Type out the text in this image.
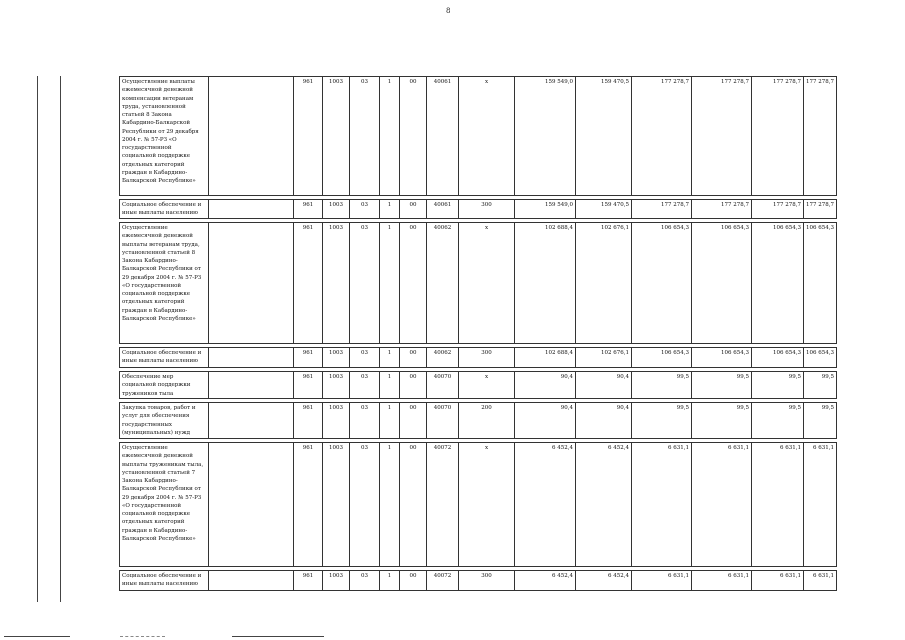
8
Осуществление выплаты ежемесячной денежной компенсации ветеранам труда, установленной статьей 8 Закона Кабардино-Балкарской Республики от 29 декабря 2004 г. № 57-РЗ «О государственной социальной поддержке отдельных категорий граждан в Кабардино-Балкарской Республике»		961	1003	03	1	00	40061	x	159 549,0	159 470,5	177 278,7	177 278,7	177 278,7	177 278,7

Социальное обеспечение и иные выплаты населению		961	1003	03	1	00	40061	300	159 549,0	159 470,5	177 278,7	177 278,7	177 278,7	177 278,7

Осуществление ежемесячной денежной выплаты ветеранам труда, установленной статьей 8 Закона Кабардино-Балкарской Республики от 29 декабря 2004 г. № 57-РЗ «О государственной социальной поддержке отдельных категорий граждан в Кабардино-Балкарской Республике»		961	1003	03	1	00	40062	x	102 688,4	102 676,1	106 654,3	106 654,3	106 654,3	106 654,3

Социальное обеспечение и иные выплаты населению		961	1003	03	1	00	40062	300	102 688,4	102 676,1	106 654,3	106 654,3	106 654,3	106 654,3

Обеспечение мер социальной поддержки тружеников тыла		961	1003	03	1	00	40070	x	90,4	90,4	99,5	99,5	99,5	99,5

Закупка товаров, работ и услуг для обеспечения государственных (муниципальных) нужд		961	1003	03	1	00	40070	200	90,4	90,4	99,5	99,5	99,5	99,5

Осуществление ежемесячной денежной выплаты труженикам тыла, установленной статьей 7 Закона Кабардино-Балкарской Республики от 29 декабря 2004 г. № 57-РЗ «О государственной социальной поддержке отдельных категорий граждан в Кабардино-Балкарской Республике»		961	1003	03	1	00	40072	x	6 452,4	6 452,4	6 631,1	6 631,1	6 631,1	6 631,1

Социальное обеспечение и иные выплаты населению		961	1003	03	1	00	40072	300	6 452,4	6 452,4	6 631,1	6 631,1	6 631,1	6 631,1
